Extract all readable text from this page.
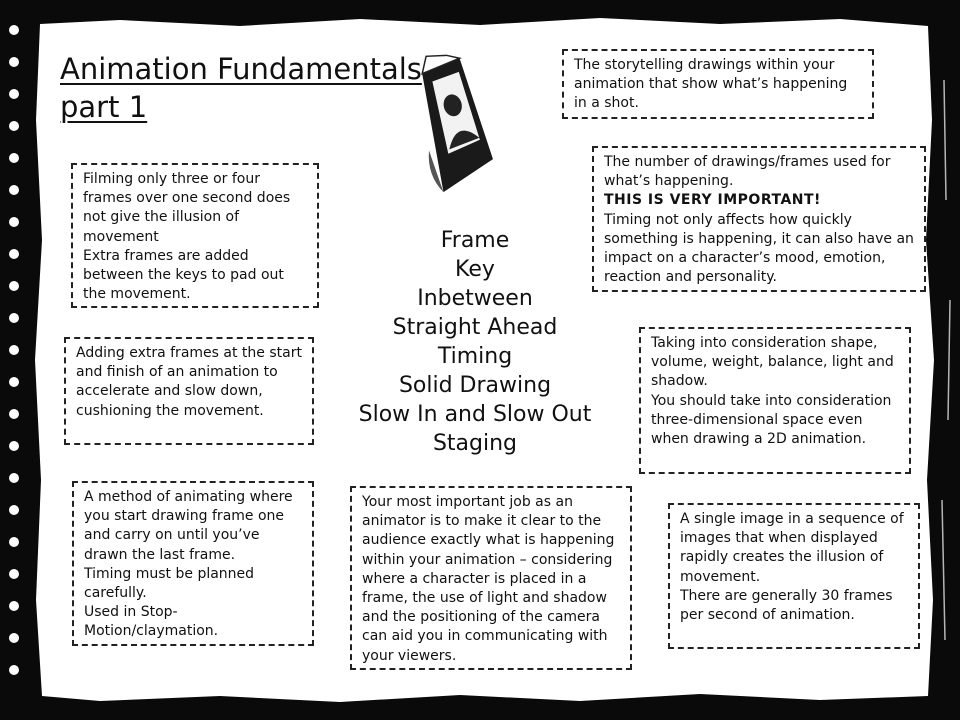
Animation Fundamentals
part 1

The storytelling drawings within your animation that show what’s happening in a shot.

Filming only three or four frames over one second does not give the illusion of movement

Extra frames are added between the keys to pad out the movement.

The number of drawings/frames used for what’s happening.

THIS IS VERY IMPORTANT!

Timing not only affects how quickly something is happening, it can also have an impact on a character’s mood, emotion, reaction and personality.

Adding extra frames at the start and finish of an animation to accelerate and slow down, cushioning the movement.

Taking into consideration shape, volume, weight, balance, light and shadow.

You should take into consideration three-dimensional space even when drawing a 2D animation.

A method of animating where you start drawing frame one and carry on until you’ve drawn the last frame.

Timing must be planned carefully.

Used in Stop-Motion/claymation.

Your most important job as an animator is to make it clear to the audience exactly what is happening within your animation – considering where a character is placed in a frame, the use of light and shadow and the positioning of the camera can aid you in communicating with your viewers.

A single image in a sequence of images that when displayed rapidly creates the illusion of movement.

There are generally 30 frames per second of animation.

Frame
Key
Inbetween
Straight Ahead
Timing
Solid Drawing
Slow In and Slow Out
Staging
